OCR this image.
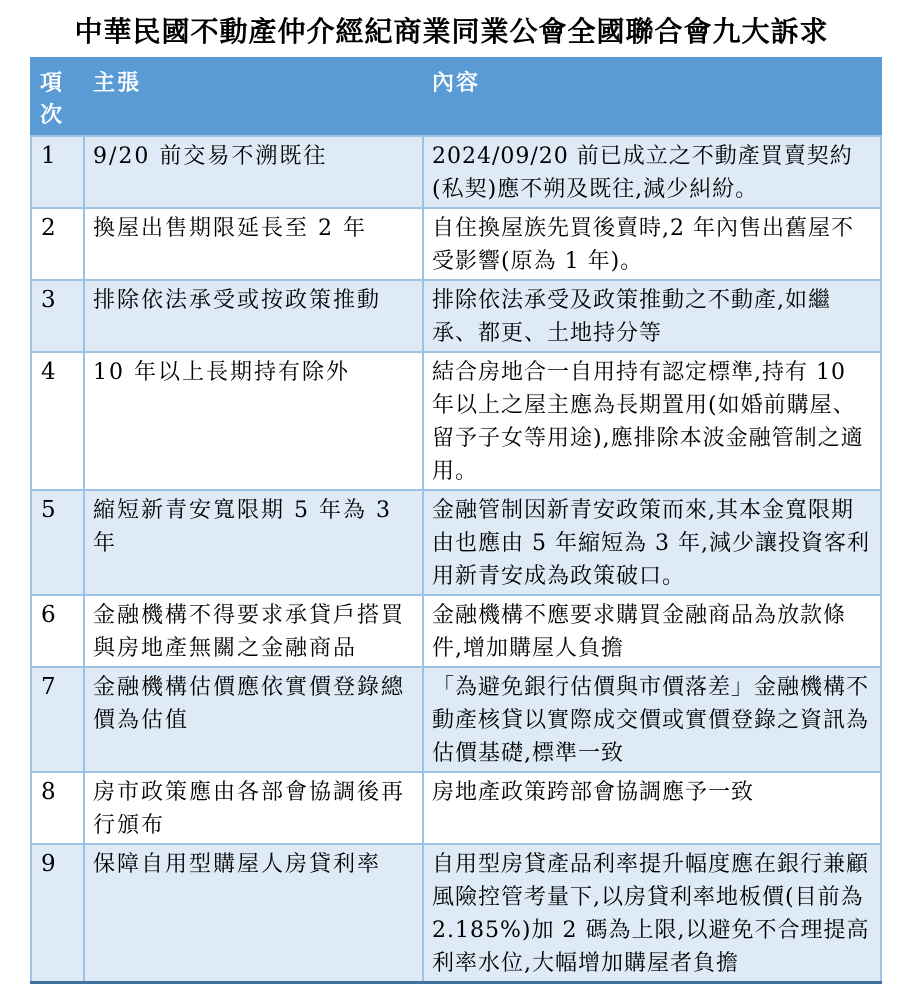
中華民國不動產仲介經紀商業同業公會全國聯合會九大訴求
項次	主張	內容
1	9/20 前交易不溯既往	2024/09/20 前已成立之不動產買賣契約(私契)應不朔及既往,減少糾紛。
2	換屋出售期限延長至 2 年	自住換屋族先買後賣時,2 年內售出舊屋不受影響(原為 1 年)。
3	排除依法承受或按政策推動	排除依法承受及政策推動之不動產,如繼承、都更、土地持分等
4	10 年以上長期持有除外	結合房地合一自用持有認定標準,持有 10 年以上之屋主應為長期置用(如婚前購屋、留予子女等用途),應排除本波金融管制之適用。
5	縮短新青安寬限期 5 年為 3 年	金融管制因新青安政策而來,其本金寬限期由也應由 5 年縮短為 3 年,減少讓投資客利用新青安成為政策破口。
6	金融機構不得要求承貸戶搭買與房地產無關之金融商品	金融機構不應要求購買金融商品為放款條件,增加購屋人負擔
7	金融機構估價應依實價登錄總價為估值	「為避免銀行估價與市價落差」金融機構不動產核貸以實際成交價或實價登錄之資訊為估價基礎,標準一致
8	房市政策應由各部會協調後再行頒布	房地產政策跨部會協調應予一致
9	保障自用型購屋人房貸利率	自用型房貸產品利率提升幅度應在銀行兼顧風險控管考量下,以房貸利率地板價(目前為 2.185%)加 2 碼為上限,以避免不合理提高利率水位,大幅增加購屋者負擔
